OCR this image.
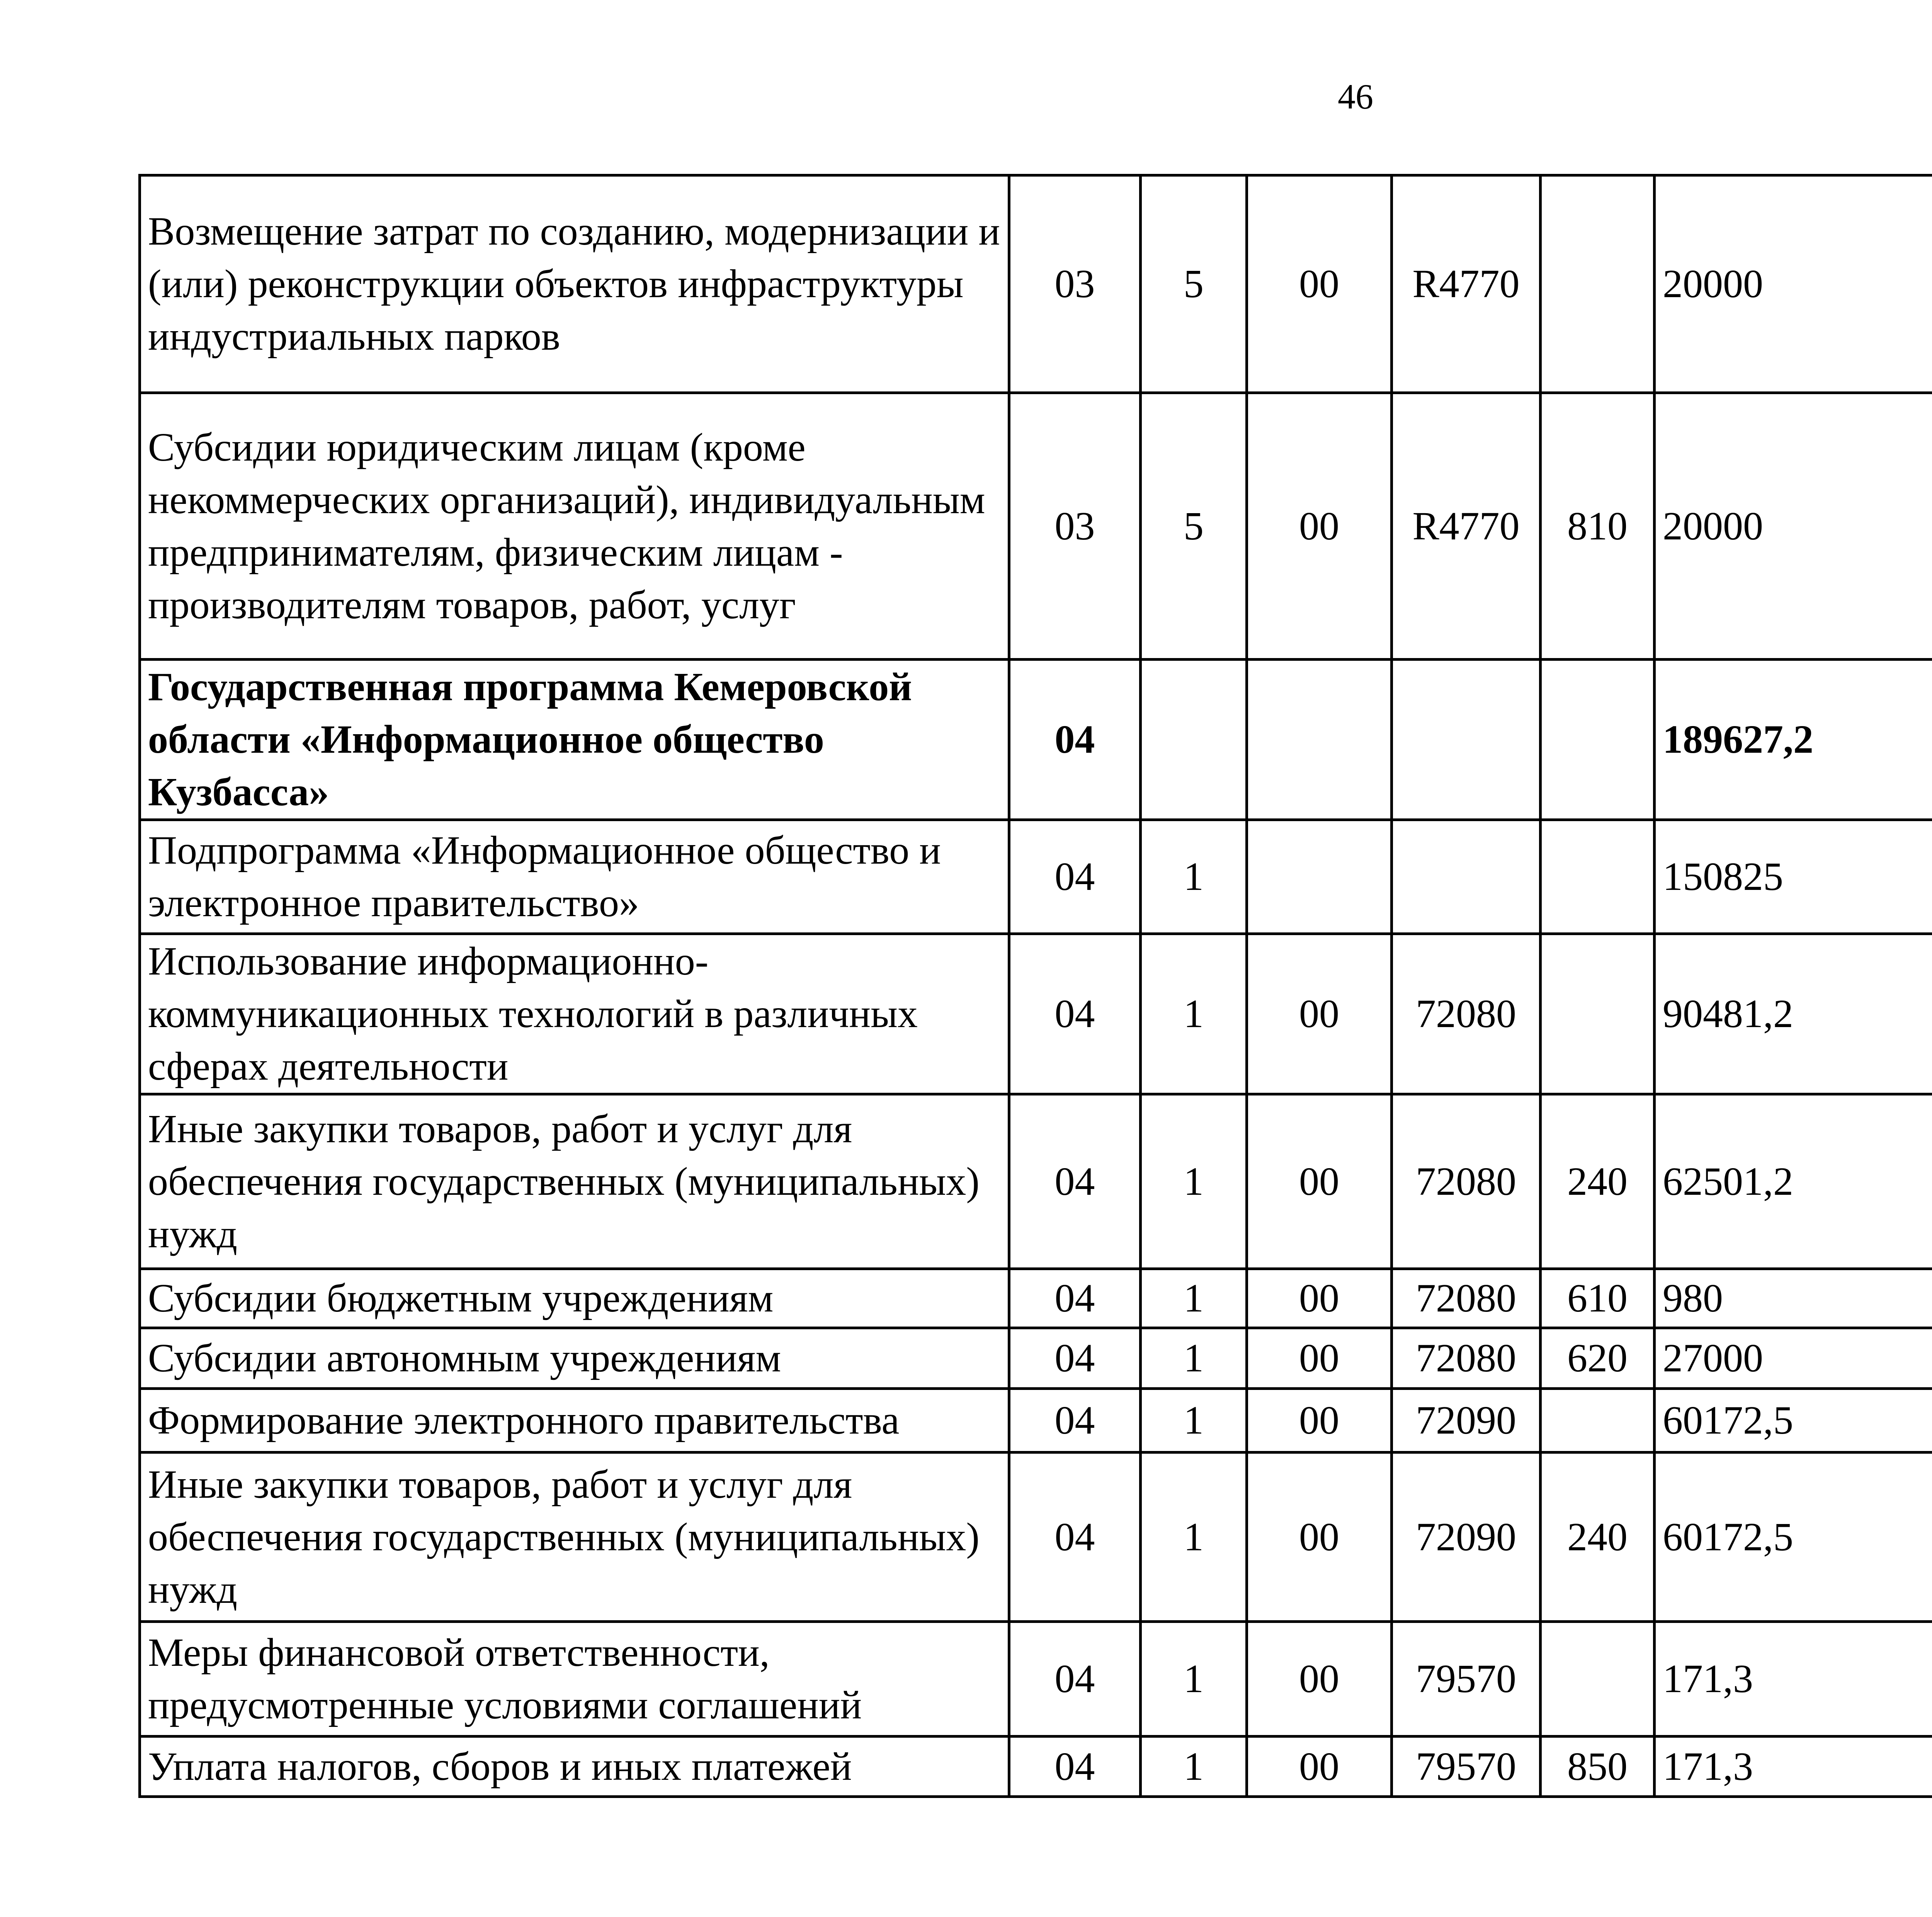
46
Возмещение затрат по созданию, модернизации и (или) реконструкции объектов инфраструктуры индустриальных парков	03	5	00	R4770		20000		
Субсидии юридическим лицам (кроме некоммерческих организаций), индивидуальным предпринимателям, физическим лицам - производителям товаров, работ, услуг	03	5	00	R4770	810	20000		
Государственная программа Кемеровской области «Информационное общество Кузбасса»	04					189627,2		
Подпрограмма «Информационное общество и электронное правительство»	04	1				150825		
Использование информационно-коммуникационных технологий в различных сферах деятельности	04	1	00	72080		90481,2		
Иные закупки товаров, работ и услуг для обеспечения государственных (муниципальных) нужд	04	1	00	72080	240	62501,2		
Субсидии бюджетным учреждениям	04	1	00	72080	610	980		
Субсидии автономным учреждениям	04	1	00	72080	620	27000		
Формирование электронного правительства	04	1	00	72090		60172,5		
Иные закупки товаров, работ и услуг для обеспечения государственных (муниципальных) нужд	04	1	00	72090	240	60172,5		
Меры финансовой ответственности, предусмотренные условиями соглашений	04	1	00	79570		171,3		
Уплата налогов, сборов и иных платежей	04	1	00	79570	850	171,3		
